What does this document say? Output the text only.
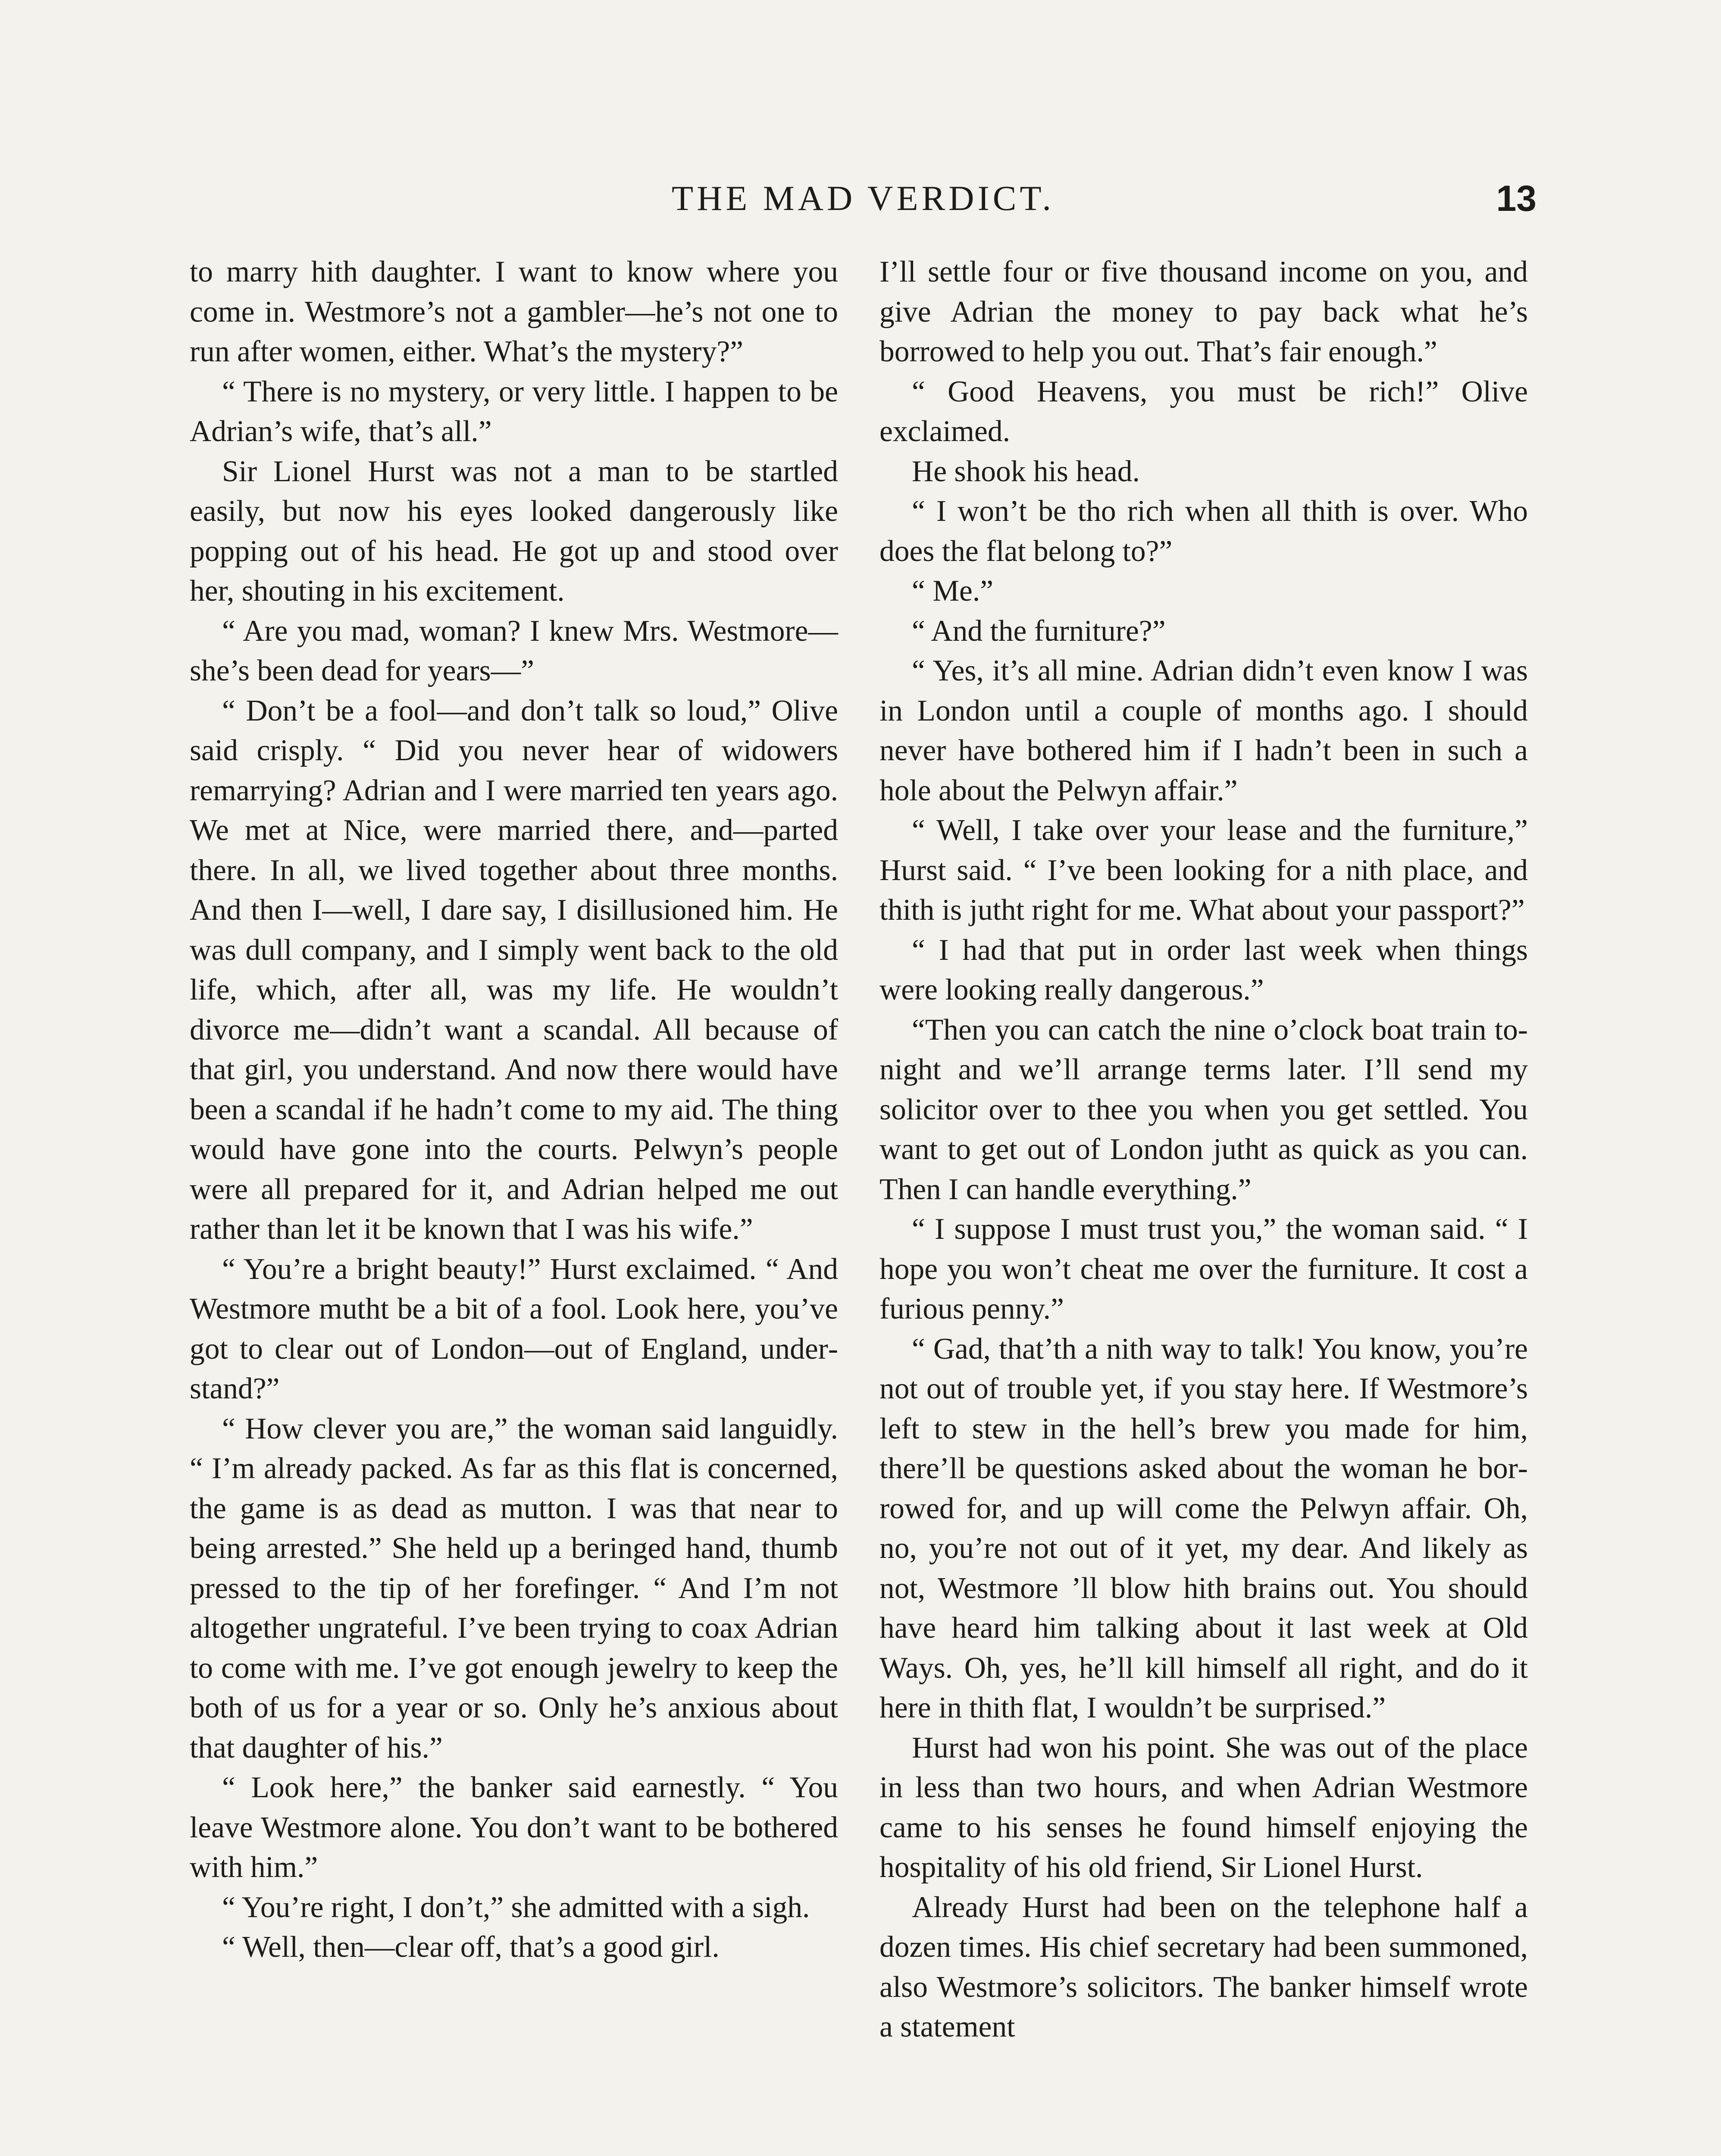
THE MAD VERDICT.	13

to marry hith daughter. I want to know where you come in. Westmore’s not a gambler—he’s not one to run after women, either. What’s the mystery?”

“ There is no mystery, or very little. I happen to be Adrian’s wife, that’s all.”

Sir Lionel Hurst was not a man to be startled easily, but now his eyes looked dangerously like popping out of his head. He got up and stood over her, shouting in his excitement.

“ Are you mad, woman? I knew Mrs. Westmore—she’s been dead for years—”

“ Don’t be a fool—and don’t talk so loud,” Olive said crisply. “ Did you never hear of widowers remarrying? Adrian and I were married ten years ago. We met at Nice, were married there, and—parted there. In all, we lived together about three months. And then I—well, I dare say, I disillusioned him. He was dull company, and I simply went back to the old life, which, after all, was my life. He wouldn’t divorce me—didn’t want a scandal. All because of that girl, you understand. And now there would have been a scandal if he hadn’t come to my aid. The thing would have gone into the courts. Pelwyn’s people were all prepared for it, and Adrian helped me out rather than let it be known that I was his wife.”

“ You’re a bright beauty!” Hurst exclaimed. “ And Westmore mutht be a bit of a fool. Look here, you’ve got to clear out of London—out of England, understand?”

“ How clever you are,” the woman said languidly. “ I’m already packed. As far as this flat is concerned, the game is as dead as mutton. I was that near to being arrested.” She held up a beringed hand, thumb pressed to the tip of her forefinger. “ And I’m not altogether ungrateful. I’ve been trying to coax Adrian to come with me. I’ve got enough jewelry to keep the both of us for a year or so. Only he’s anxious about that daughter of his.”

“ Look here,” the banker said earnestly. “ You leave Westmore alone. You don’t want to be bothered with him.”

“ You’re right, I don’t,” she admitted with a sigh.

“ Well, then—clear off, that’s a good girl.

I’ll settle four or five thousand income on you, and give Adrian the money to pay back what he’s borrowed to help you out. That’s fair enough.”

“ Good Heavens, you must be rich!” Olive exclaimed.

He shook his head.

“ I won’t be tho rich when all thith is over. Who does the flat belong to?”

“ Me.”

“ And the furniture?”

“ Yes, it’s all mine. Adrian didn’t even know I was in London until a couple of months ago. I should never have bothered him if I hadn’t been in such a hole about the Pelwyn affair.”

“ Well, I take over your lease and the furniture,” Hurst said. “ I’ve been looking for a nith place, and thith is jutht right for me. What about your passport?”

“ I had that put in order last week when things were looking really dangerous.”

“Then you can catch the nine o’clock boat train to-night and we’ll arrange terms later. I’ll send my solicitor over to thee you when you get settled. You want to get out of London jutht as quick as you can. Then I can handle everything.”

“ I suppose I must trust you,” the woman said. “ I hope you won’t cheat me over the furniture. It cost a furious penny.”

“ Gad, that’th a nith way to talk! You know, you’re not out of trouble yet, if you stay here. If Westmore’s left to stew in the hell’s brew you made for him, there’ll be questions asked about the woman he borrowed for, and up will come the Pelwyn affair. Oh, no, you’re not out of it yet, my dear. And likely as not, Westmore ’ll blow hith brains out. You should have heard him talking about it last week at Old Ways. Oh, yes, he’ll kill himself all right, and do it here in thith flat, I wouldn’t be surprised.”

Hurst had won his point. She was out of the place in less than two hours, and when Adrian Westmore came to his senses he found himself enjoying the hospitality of his old friend, Sir Lionel Hurst.

Already Hurst had been on the telephone half a dozen times. His chief secretary had been summoned, also Westmore’s solicitors. The banker himself wrote a statement
